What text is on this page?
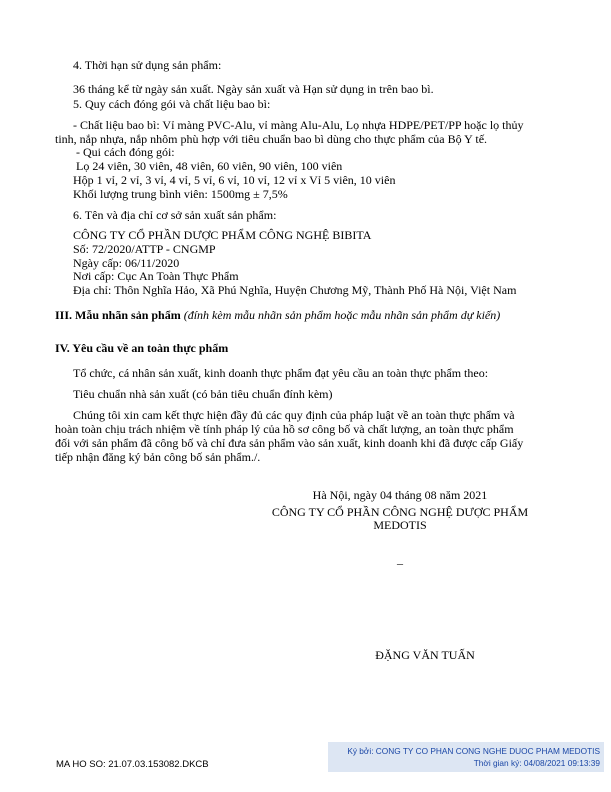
4. Thời hạn sử dụng sản phẩm:
36 tháng kể từ ngày sản xuất. Ngày sản xuất và Hạn sử dụng in trên bao bì.
5. Quy cách đóng gói và chất liệu bao bì:
- Chất liệu bao bì: Vỉ màng PVC-Alu, vỉ màng Alu-Alu, Lọ nhựa HDPE/PET/PP hoặc lọ thủy
tinh, nắp nhựa, nắp nhôm phù hợp với tiêu chuẩn bao bì dùng cho thực phẩm của Bộ Y tế.
- Qui cách đóng gói:
Lọ 24 viên, 30 viên, 48 viên, 60 viên, 90 viên, 100 viên
Hộp 1 vỉ, 2 vỉ, 3 vỉ, 4 vỉ, 5 vỉ, 6 vỉ, 10 vỉ, 12 vỉ x Vỉ 5 viên, 10 viên
Khối lượng trung bình viên: 1500mg ± 7,5%
6. Tên và địa chỉ cơ sở sản xuất sản phẩm:
CÔNG TY CỔ PHẦN DƯỢC PHẨM CÔNG NGHỆ BIBITA
Số: 72/2020/ATTP - CNGMP
Ngày cấp: 06/11/2020
Nơi cấp: Cục An Toàn Thực Phẩm
Địa chỉ: Thôn Nghĩa Hảo, Xã Phú Nghĩa, Huyện Chương Mỹ, Thành Phố Hà Nội, Việt Nam
III. Mẫu nhãn sản phẩm (đính kèm mẫu nhãn sản phẩm hoặc mẫu nhãn sản phẩm dự kiến)
IV. Yêu cầu về an toàn thực phẩm
Tổ chức, cá nhân sản xuất, kinh doanh thực phẩm đạt yêu cầu an toàn thực phẩm theo:
Tiêu chuẩn nhà sản xuất (có bản tiêu chuẩn đính kèm)
Chúng tôi xin cam kết thực hiện đầy đủ các quy định của pháp luật về an toàn thực phẩm và
hoàn toàn chịu trách nhiệm về tính pháp lý của hồ sơ công bố và chất lượng, an toàn thực phẩm
đối với sản phẩm đã công bố và chỉ đưa sản phẩm vào sản xuất, kinh doanh khi đã được cấp Giấy
tiếp nhận đăng ký bản công bố sản phẩm./.
Hà Nội, ngày 04 tháng 08 năm 2021
CÔNG TY CỔ PHẦN CÔNG NGHỆ DƯỢC PHẨM
MEDOTIS
_
ĐẶNG VĂN TUẤN
MA HO SO: 21.07.03.153082.DKCB
Ký bởi: CONG TY CO PHAN CONG NGHE DUOC PHAM MEDOTIS
Thời gian ký: 04/08/2021 09:13:39
